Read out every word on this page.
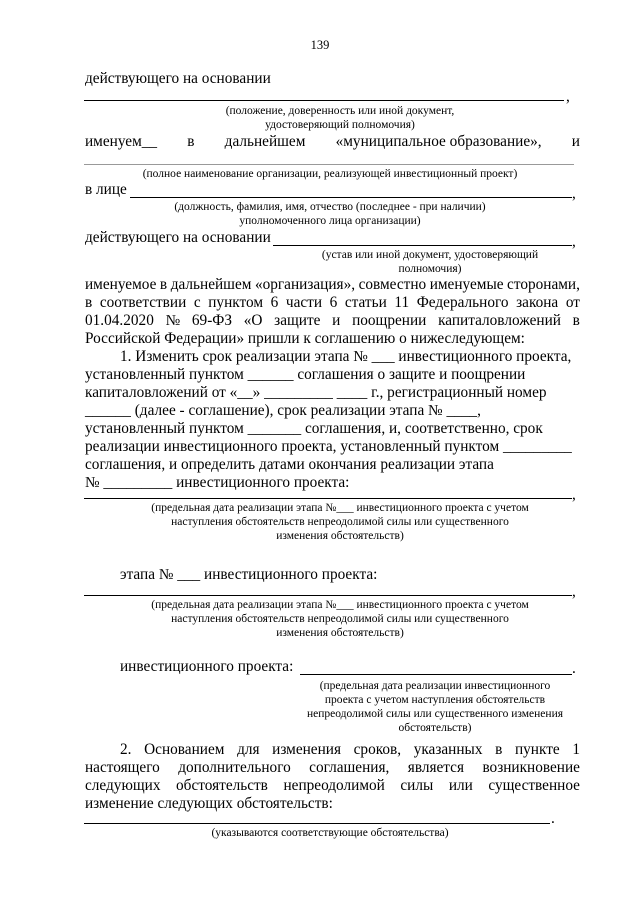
139
действующего на основании
,
(положение, доверенность или иной документ,
удостоверяющий полномочия)
именуем__ в дальнейшем «муниципальное образование», и
(полное наименование организации, реализующей инвестиционный проект)
в лице	,
(должность, фамилия, имя, отчество (последнее - при наличии)
уполномоченного лица организации)
действующего на основании	,
(устав или иной документ, удостоверяющий
полномочия)
именуемое в дальнейшем «организация», совместно именуемые сторонами,
в соответствии с пунктом 6 части 6 статьи 11 Федерального закона от
01.04.2020 № 69-ФЗ «О защите и поощрении капиталовложений в
Российской Федерации» пришли к соглашению о нижеследующем:
1. Изменить срок реализации этапа № ___ инвестиционного проекта,
установленный пунктом ______ соглашения о защите и поощрении
капиталовложений от «__» _________ ____ г., регистрационный номер
______ (далее - соглашение), срок реализации этапа № ____,
установленный пунктом _______ соглашения, и, соответственно, срок
реализации инвестиционного проекта, установленный пунктом _________
соглашения, и определить датами окончания реализации этапа
№ _________ инвестиционного проекта:
,
(предельная дата реализации этапа №___ инвестиционного проекта с учетом
наступления обстоятельств непреодолимой силы или существенного
изменения обстоятельств)
этапа № ___ инвестиционного проекта:
,
(предельная дата реализации этапа №___ инвестиционного проекта с учетом
наступления обстоятельств непреодолимой силы или существенного
изменения обстоятельств)
инвестиционного проекта:	.
(предельная дата реализации инвестиционного
проекта с учетом наступления обстоятельств
непреодолимой силы или существенного изменения
обстоятельств)
2. Основанием для изменения сроков, указанных в пункте 1
настоящего дополнительного соглашения, является возникновение
следующих обстоятельств непреодолимой силы или существенное
изменение следующих обстоятельств:
.
(указываются соответствующие обстоятельства)
